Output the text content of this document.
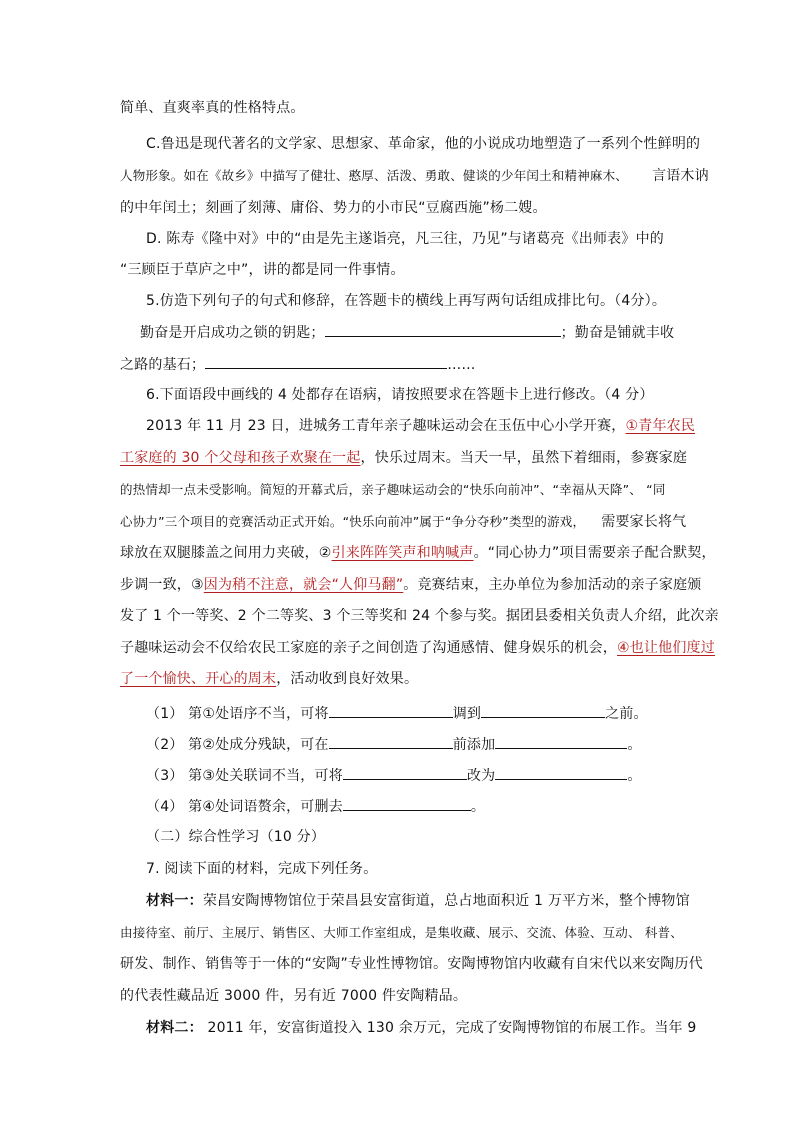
简单、直爽率真的性格特点。
C.鲁迅是现代著名的文学家、思想家、革命家，他的小说成功地塑造了一系列个性鲜明的
人物形象。如在《故乡》中描写了健壮、憨厚、活泼、勇敢、健谈的少年闰土和精神麻木、 言语木讷
的中年闰土；刻画了刻薄、庸俗、势力的小市民“豆腐西施”杨二嫂。
D. 陈寿《隆中对》中的“由是先主遂诣亮，凡三往，乃见”与诸葛亮《出师表》中的
“三顾臣于草庐之中”，讲的都是同一件事情。
5.仿造下列句子的句式和修辞，在答题卡的横线上再写两句话组成排比句。（4分）。
勤奋是开启成功之锁的钥匙；	；勤奋是铺就丰收
之路的基石；	……
6.下面语段中画线的 4 处都存在语病，请按照要求在答题卡上进行修改。（4 分）
2013 年 11 月 23 日，进城务工青年亲子趣味运动会在玉伍中心小学开赛，①青年农民
工家庭的 30 个父母和孩子欢聚在一起，快乐过周末。当天一早，虽然下着细雨，参赛家庭
的热情却一点未受影响。简短的开幕式后，亲子趣味运动会的“快乐向前冲”、“幸福从天降”、 “同
心协力”三个项目的竞赛活动正式开始。“快乐向前冲”属于“争分夺秒”类型的游戏， 需要家长将气
球放在双腿膝盖之间用力夹破，②引来阵阵笑声和呐喊声。“同心协力”项目需要亲子配合默契，
步调一致，③因为稍不注意，就会“人仰马翻”。竞赛结束，主办单位为参加活动的亲子家庭颁
发了 1 个一等奖、2 个二等奖、3 个三等奖和 24 个参与奖。据团县委相关负责人介绍，此次亲
子趣味运动会不仅给农民工家庭的亲子之间创造了沟通感情、健身娱乐的机会，④也让他们度过
了一个愉快、开心的周末，活动收到良好效果。
（1） 第①处语序不当，可将	调到	之前。
（2） 第②处成分残缺，可在	前添加	。
（3） 第③处关联词不当，可将	改为	。
（4） 第④处词语赘余，可删去	。
（二）综合性学习（10 分）
7. 阅读下面的材料，完成下列任务。
材料一：荣昌安陶博物馆位于荣昌县安富街道，总占地面积近 1 万平方米，整个博物馆
由接待室、前厅、主展厅、销售区、大师工作室组成，是集收藏、展示、交流、体验、互动、 科普、
研发、制作、销售等于一体的“安陶”专业性博物馆。安陶博物馆内收藏有自宋代以来安陶历代
的代表性藏品近 3000 件，另有近 7000 件安陶精品。
材料二： 2011 年，安富街道投入 130 余万元，完成了安陶博物馆的布展工作。当年 9
